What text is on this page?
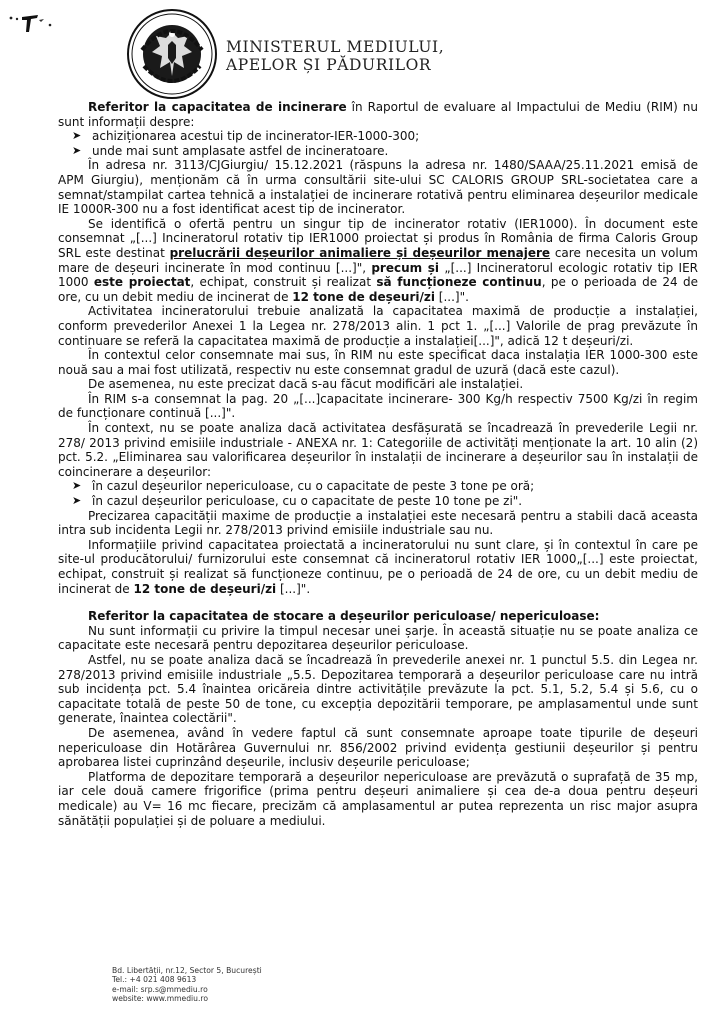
MINISTERUL MEDIULUI,
APELOR ȘI PĂDURILOR

Referitor la capacitatea de incinerare în Raportul de evaluare al Impactului de Mediu (RIM) nu sunt informații despre:

➤ achiziționarea acestui tip de incinerator-IER-1000-300;

➤ unde mai sunt amplasate astfel de incineratoare.

În adresa nr. 3113/CJGiurgiu/ 15.12.2021 (răspuns la adresa nr. 1480/SAAA/25.11.2021 emisă de APM Giurgiu), menționăm că în urma consultării site-ului SC CALORIS GROUP SRL-societatea care a semnat/stampilat cartea tehnică a instalației de incinerare rotativă pentru eliminarea deșeurilor medicale IE 1000R-300 nu a fost identificat acest tip de incinerator.

Se identifică o ofertă pentru un singur tip de incinerator rotativ (IER1000). În document este consemnat „[...] Incineratorul rotativ tip IER1000 proiectat și produs în România de firma Caloris Group SRL este destinat prelucrării deșeurilor animaliere și deșeurilor menajere care necesita un volum mare de deșeuri incinerate în mod continuu [...]", precum și „[...] Incineratorul ecologic rotativ tip IER 1000 este proiectat, echipat, construit și realizat să funcționeze continuu, pe o perioada de 24 de ore, cu un debit mediu de incinerat de 12 tone de deșeuri/zi [...]".

Activitatea incineratorului trebuie analizată la capacitatea maximă de producție a instalației, conform prevederilor Anexei 1 la Legea nr. 278/2013 alin. 1 pct 1. „[...] Valorile de prag prevăzute în continuare se referă la capacitatea maximă de producție a instalației[...]", adică 12 t deșeuri/zi.

În contextul celor consemnate mai sus, în RIM nu este specificat daca instalația IER 1000-300 este nouă sau a mai fost utilizată, respectiv nu este consemnat gradul de uzură (dacă este cazul).

De asemenea, nu este precizat dacă s-au făcut modificări ale instalației.

În RIM s-a consemnat la pag. 20 „[...]capacitate incinerare- 300 Kg/h respectiv 7500 Kg/zi în regim de funcționare continuă [...]".

În context, nu se poate analiza dacă activitatea desfășurată se încadrează în prevederile Legii nr. 278/ 2013 privind emisiile industriale - ANEXA nr. 1: Categoriile de activități menționate la art. 10 alin (2) pct. 5.2. „Eliminarea sau valorificarea deșeurilor în instalații de incinerare a deșeurilor sau în instalații de coincinerare a deșeurilor:

➤ în cazul deșeurilor nepericuloase, cu o capacitate de peste 3 tone pe oră;

➤ în cazul deșeurilor periculoase, cu o capacitate de peste 10 tone pe zi".

Precizarea capacității maxime de producție a instalației este necesară pentru a stabili dacă aceasta intra sub incidenta Legii nr. 278/2013 privind emisiile industriale sau nu.

Informațiile privind capacitatea proiectată a incineratorului nu sunt clare, și în contextul în care pe site-ul producătorului/ furnizorului este consemnat că incineratorul rotativ IER 1000„[...] este proiectat, echipat, construit și realizat să funcționeze continuu, pe o perioadă de 24 de ore, cu un debit mediu de incinerat de 12 tone de deșeuri/zi [...]".

Referitor la capacitatea de stocare a deșeurilor periculoase/ nepericuloase:

Nu sunt informații cu privire la timpul necesar unei șarje. În această situație nu se poate analiza ce capacitate este necesară pentru depozitarea deșeurilor periculoase.

Astfel, nu se poate analiza dacă se încadrează în prevederile anexei nr. 1 punctul 5.5. din Legea nr. 278/2013 privind emisiile industriale „5.5. Depozitarea temporară a deșeurilor periculoase care nu intră sub incidența pct. 5.4 înaintea oricăreia dintre activitățile prevăzute la pct. 5.1, 5.2, 5.4 și 5.6, cu o capacitate totală de peste 50 de tone, cu excepția depozitării temporare, pe amplasamentul unde sunt generate, înaintea colectării".

De asemenea, având în vedere faptul că sunt consemnate aproape toate tipurile de deșeuri nepericuloase din Hotărârea Guvernului nr. 856/2002 privind evidența gestiunii deșeurilor și pentru aprobarea listei cuprinzând deșeurile, inclusiv deșeurile periculoase;

Platforma de depozitare temporară a deșeurilor nepericuloase are prevăzută o suprafață de 35 mp, iar cele două camere frigorifice (prima pentru deșeuri animaliere și cea de-a doua pentru deșeuri medicale) au V= 16 mc fiecare, precizăm că amplasamentul ar putea reprezenta un risc major asupra sănătății populației și de poluare a mediului.

Bd. Libertății, nr.12, Sector 5, București
Tel.: +4 021 408 9613
e-mail: srp.s@mmediu.ro
website: www.mmediu.ro
